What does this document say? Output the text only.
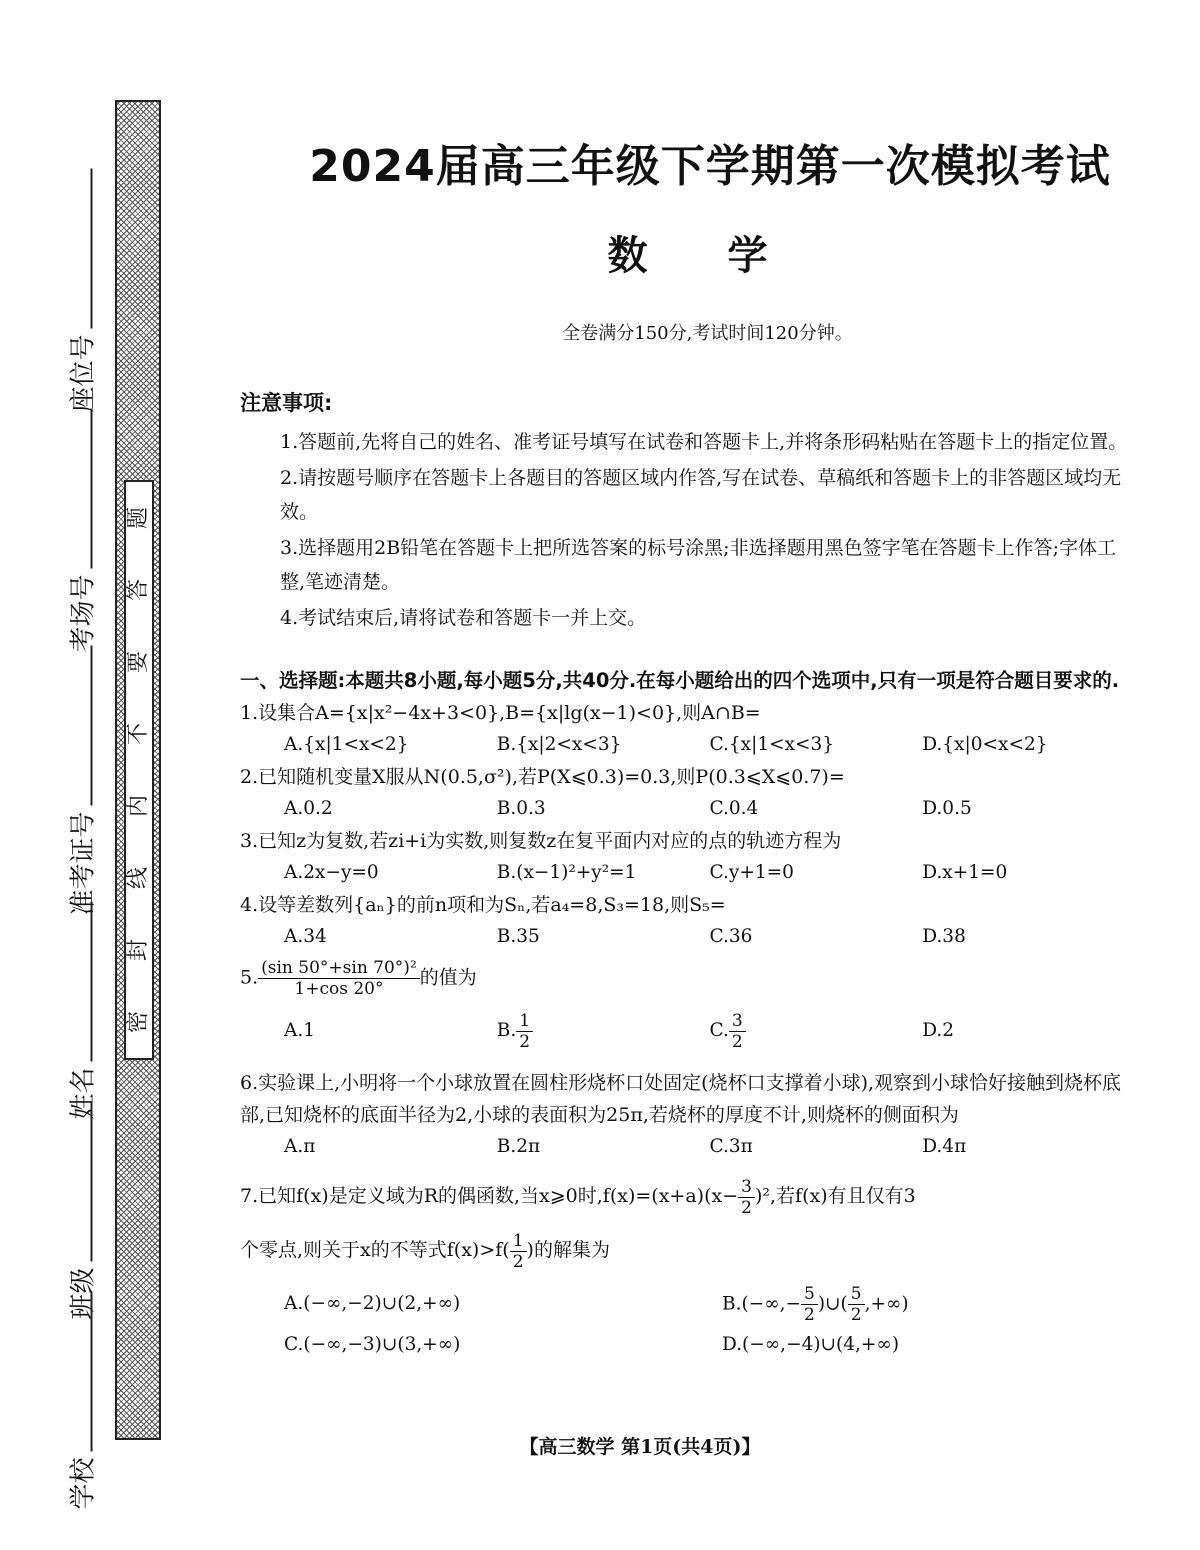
座位号
考场号
准考证号
姓名
班级
学校
题
答
要
不
内
线
封
密
2024届高三年级下学期第一次模拟考试
数学
全卷满分150分,考试时间120分钟。
注意事项:
1.答题前,先将自己的姓名、准考证号填写在试卷和答题卡上,并将条形码粘贴在答题卡上的指定位置。
2.请按题号顺序在答题卡上各题目的答题区域内作答,写在试卷、草稿纸和答题卡上的非答题区域均无效。
3.选择题用2B铅笔在答题卡上把所选答案的标号涂黑;非选择题用黑色签字笔在答题卡上作答;字体工整,笔迹清楚。
4.考试结束后,请将试卷和答题卡一并上交。
一、选择题:本题共8小题,每小题5分,共40分.在每小题给出的四个选项中,只有一项是符合题目要求的.
1.设集合A={x|x²−4x+3<0},B={x|lg(x−1)<0},则A∩B=
A.{x|1<x<2}	B.{x|2<x<3}	C.{x|1<x<3}	D.{x|0<x<2}
2.已知随机变量X服从N(0.5,σ²),若P(X⩽0.3)=0.3,则P(0.3⩽X⩽0.7)=
A.0.2	B.0.3	C.0.4	D.0.5
3.已知z为复数,若zi+i为实数,则复数z在复平面内对应的点的轨迹方程为
A.2x−y=0	B.(x−1)²+y²=1	C.y+1=0	D.x+1=0
4.设等差数列{aₙ}的前n项和为Sₙ,若a₄=8,S₃=18,则S₅=
A.34	B.35	C.36	D.38
5. $\frac{\text{(sin 50°+sin 70°)²}}{1+\cos 20^\circ}$ 的值为
A.1	B. $\frac{1}{2}$	C. $\frac{3}{2}$	D.2
6.实验课上,小明将一个小球放置在圆柱形烧杯口处固定(烧杯口支撑着小球),观察到小球恰好接触到烧杯底部,已知烧杯的底面半径为2,小球的表面积为25π,若烧杯的厚度不计,则烧杯的侧面积为
A.π	B.2π	C.3π	D.4π
7.已知f(x)是定义域为R的偶函数,当x⩾0时$,f(x)=(x+a)(x- \frac{3}{2} )^2$,若f(x)有且仅有3
个零点,则关于x的不等式$f(x)>f( \frac{1}{2}$ )的解集为
A.(−∞,−2)∪(2,+∞)	$B.(-\infty,- \frac{5}{2}$ )∪( $\frac{5}{2}$ ,+∞)
C.(−∞,−3)∪(3,+∞)	D.(−∞,−4)∪(4,+∞)
【高三数学 第1页(共4页)】
